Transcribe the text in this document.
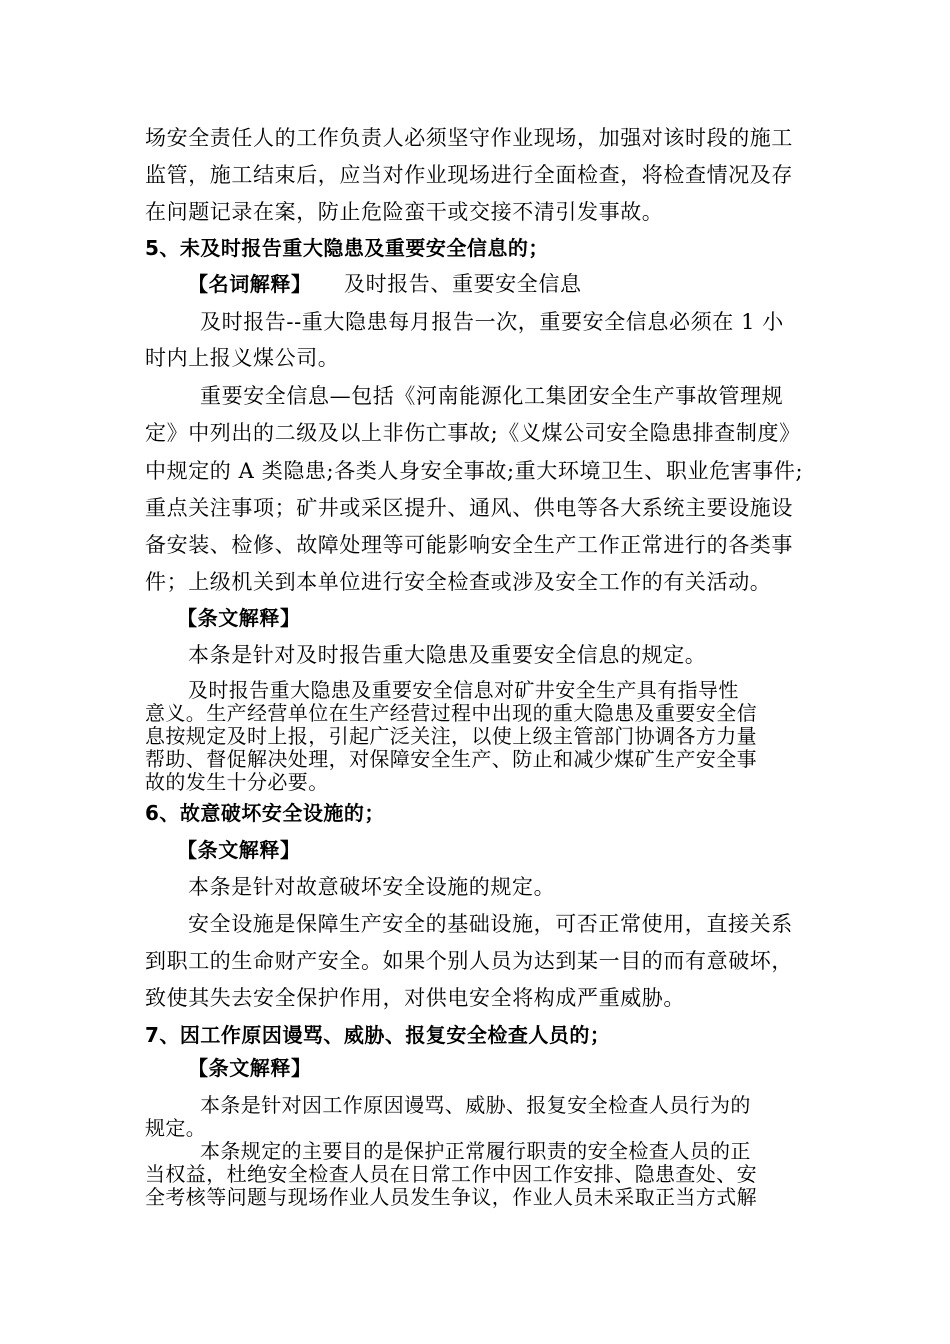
场安全责任人的工作负责人必须坚守作业现场，加强对该时段的施工
监管，施工结束后，应当对作业现场进行全面检查，将检查情况及存
在问题记录在案，防止危险蛮干或交接不清引发事故。
5、未及时报告重大隐患及重要安全信息的；
【名词解释】 及时报告、重要安全信息
及时报告--重大隐患每月报告一次，重要安全信息必须在 1 小
时内上报义煤公司。
重要安全信息—包括《河南能源化工集团安全生产事故管理规
定》中列出的二级及以上非伤亡事故;《义煤公司安全隐患排查制度》
中规定的 A 类隐患;各类人身安全事故;重大环境卫生、职业危害事件;
重点关注事项；矿井或采区提升、通风、供电等各大系统主要设施设
备安装、检修、故障处理等可能影响安全生产工作正常进行的各类事
件；上级机关到本单位进行安全检查或涉及安全工作的有关活动。
【条文解释】
本条是针对及时报告重大隐患及重要安全信息的规定。
及时报告重大隐患及重要安全信息对矿井安全生产具有指导性
意义。生产经营单位在生产经营过程中出现的重大隐患及重要安全信
息按规定及时上报，引起广泛关注，以使上级主管部门协调各方力量
帮助、督促解决处理，对保障安全生产、防止和减少煤矿生产安全事
故的发生十分必要。
6、故意破坏安全设施的；
【条文解释】
本条是针对故意破坏安全设施的规定。
安全设施是保障生产安全的基础设施，可否正常使用，直接关系
到职工的生命财产安全。如果个别人员为达到某一目的而有意破坏，
致使其失去安全保护作用，对供电安全将构成严重威胁。
7、因工作原因谩骂、威胁、报复安全检查人员的；
【条文解释】
本条是针对因工作原因谩骂、威胁、报复安全检查人员行为的
规定。
本条规定的主要目的是保护正常履行职责的安全检查人员的正
当权益，杜绝安全检查人员在日常工作中因工作安排、隐患查处、安
全考核等问题与现场作业人员发生争议，作业人员未采取正当方式解
